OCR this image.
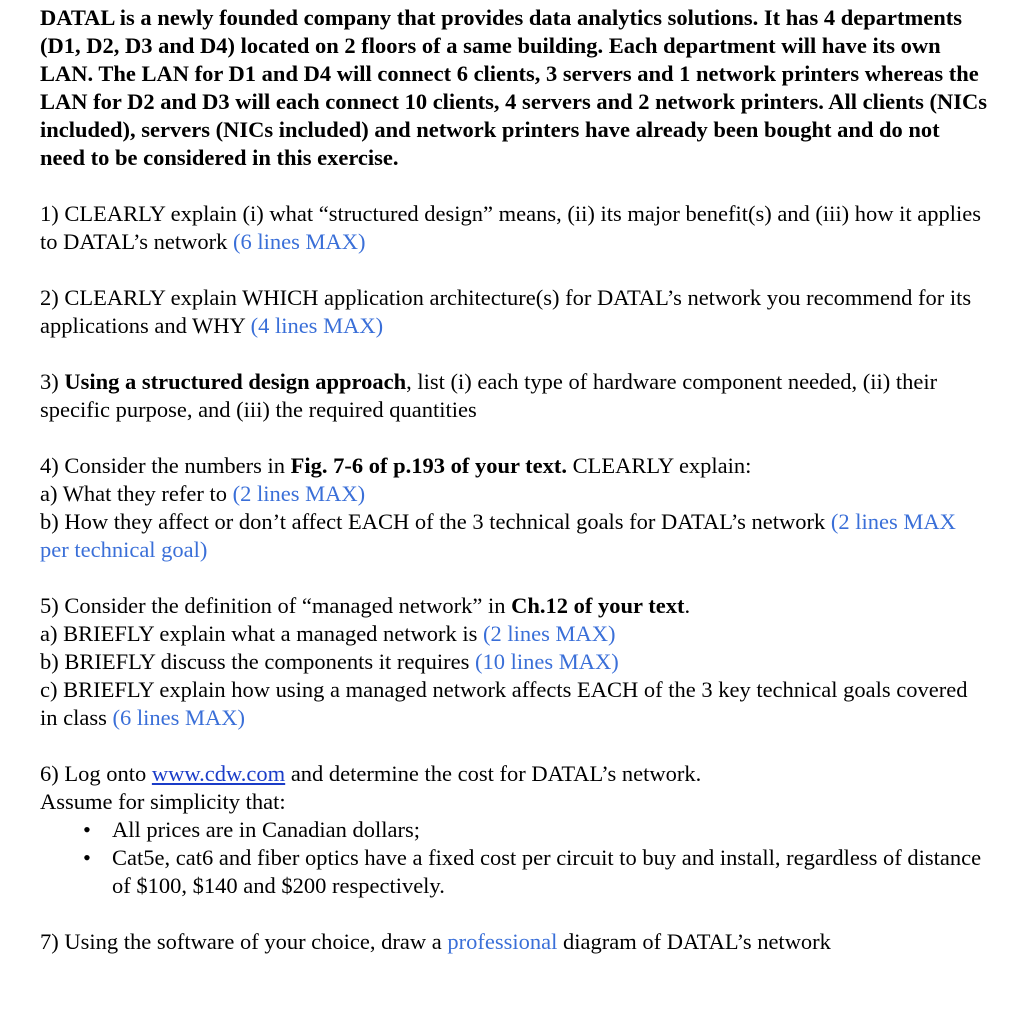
DATAL is a newly founded company that provides data analytics solutions. It has 4 departments (D1, D2, D3 and D4) located on 2 floors of a same building. Each department will have its own LAN. The LAN for D1 and D4 will connect 6 clients, 3 servers and 1 network printers whereas the LAN for D2 and D3 will each connect 10 clients, 4 servers and 2 network printers. All clients (NICs included), servers (NICs included) and network printers have already been bought and do not need to be considered in this exercise.

1) CLEARLY explain (i) what “structured design” means, (ii) its major benefit(s) and (iii) how it applies to DATAL’s network (6 lines MAX)

2) CLEARLY explain WHICH application architecture(s) for DATAL’s network you recommend for its applications and WHY (4 lines MAX)

3) Using a structured design approach, list (i) each type of hardware component needed, (ii) their specific purpose, and (iii) the required quantities

4) Consider the numbers in Fig. 7-6 of p.193 of your text. CLEARLY explain:

a) What they refer to (2 lines MAX)

b) How they affect or don’t affect EACH of the 3 technical goals for DATAL’s network (2 lines MAX per technical goal)

5) Consider the definition of “managed network” in Ch.12 of your text.

a) BRIEFLY explain what a managed network is (2 lines MAX)

b) BRIEFLY discuss the components it requires (10 lines MAX)

c) BRIEFLY explain how using a managed network affects EACH of the 3 key technical goals covered in class (6 lines MAX)

6) Log onto www.cdw.com and determine the cost for DATAL’s network.

Assume for simplicity that:

• All prices are in Canadian dollars;
• Cat5e, cat6 and fiber optics have a fixed cost per circuit to buy and install, regardless of distance of $100, $140 and $200 respectively.

7) Using the software of your choice, draw a professional diagram of DATAL’s network
